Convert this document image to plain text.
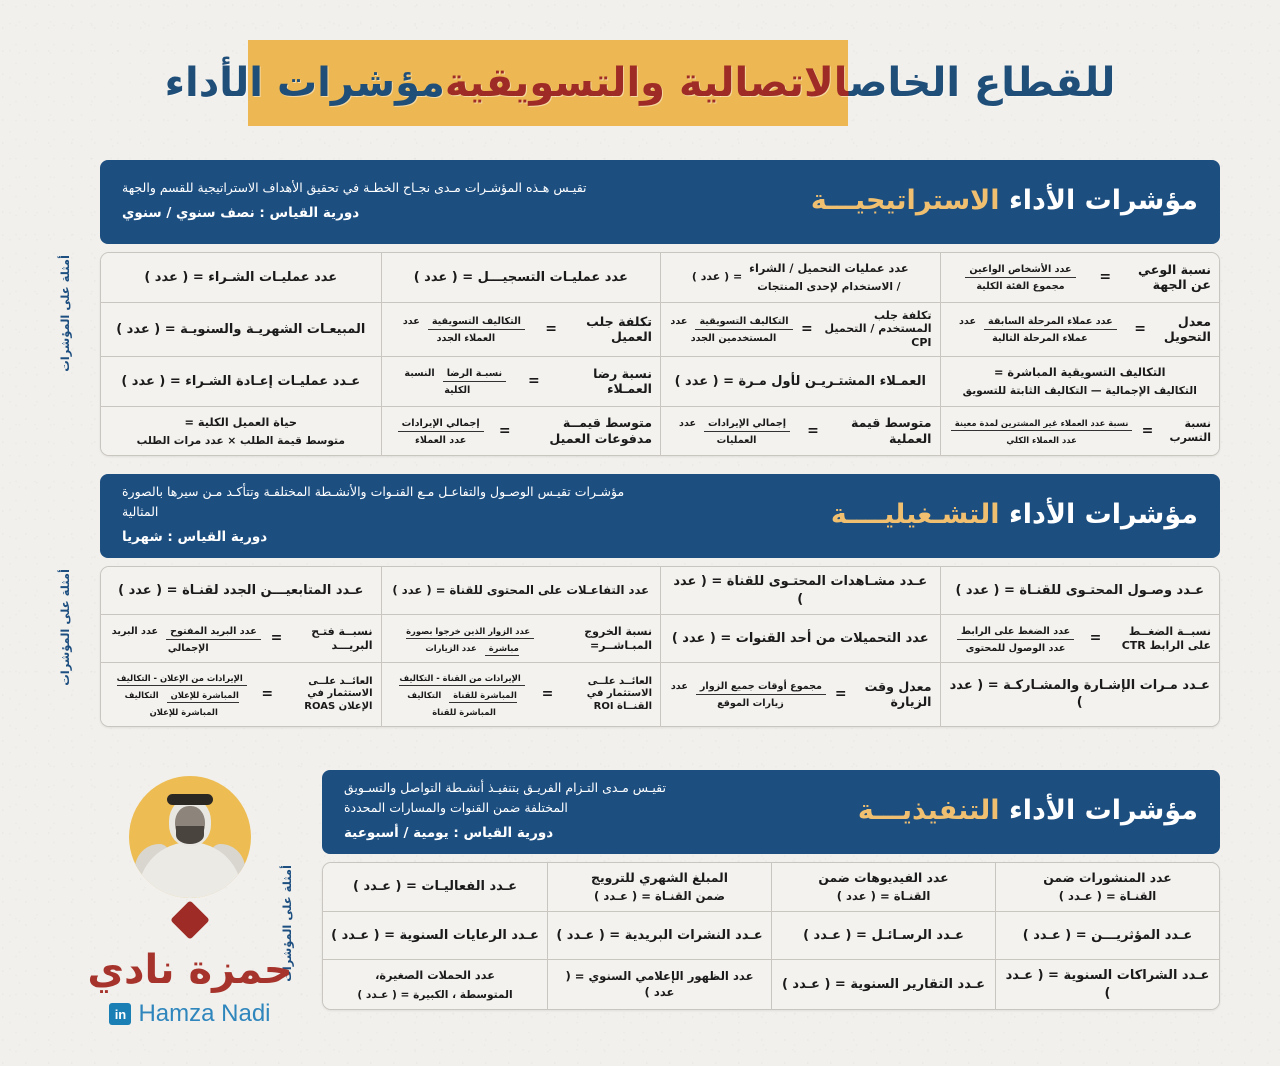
للقطاع الخاصالاتصالية والتسويقيةمؤشرات الأداء
مؤشرات الأداء الاستراتيجيـــة
تقيـس هـذه المؤشـرات مـدى نجـاح الخطـة في تحقيق الأهداف الاستراتيجية للقسم والجهة
دورية القياس : نصف سنوي / سنوي
نسبة الوعي عن الجهة
=
$\frac{\text{عدد الأشخاص الواعين}}{\text{مجموع الفئة الكلية}}$
عدد عمليات التحميل / الشراء
/ الاستخدام لإحدى المنتجات
= ( عدد )
عدد عمليـات التسجيـــل = ( عدد )
عدد عمليـات الشـراء = ( عدد )
معدل التحويل
=
عدد عملاء المرحلة السابقة عدد عملاء المرحلة التالية
تكلفة جلب المستخدم / التحميل CPI
=
التكاليف التسويقية عدد المستخدمين الجدد
تكلفة جلب العميل
=
التكاليف التسويقية عدد العملاء الجدد
المبيعـات الشهريـة والسنويـة = ( عدد )
التكاليف التسويقية المباشرة =
التكاليف الإجمالية — التكاليف الثابتة للتسويق
العمـلاء المشتـريـن لأول مـرة = ( عدد )
نسبة رضا العمـلاء
=
نسبـة الرضا النسبة الكلية
عـدد عمليـات إعـادة الشـراء = ( عدد )
نسبة التسرب
=
$\frac{\text{نسبة عدد العملاء غير المشترين لمدة معينة}}{\text{عدد العملاء الكلي}}$
متوسط قيمة العملية
=
إجمالي الإيرادات عدد العمليات
متوسط قيمــة مدفوعات العميل
=
$\frac{\text{إجمالي الإيرادات}}{\text{عدد العملاء}}$
حياة العميل الكلية =
متوسط قيمة الطلب × عدد مرات الطلب
أمثلة على المؤشرات
مؤشرات الأداء التشـغيليــــة
مؤشـرات تقيـس الوصـول والتفاعـل مـع القنـوات والأنشـطة المختلفـة وتتأكـد مـن سيرها بالصورة المثالية
دورية القياس : شهريا
عـدد وصـول المحتـوى للقنـاة = ( عدد )
عـدد مشـاهدات المحتـوى للقناة = ( عدد )
عدد التفاعـلات على المحتوى للقناة = ( عدد )
عـدد المتابعيـــن الجدد لقنـاة = ( عدد )
نسبــة الضغــط على الرابط CTR
=
$\frac{\text{عدد الضغط على الرابط}}{\text{عدد الوصول للمحتوى}}$
عدد التحميلات من أحد القنوات = ( عدد )
نسبة الخروج المبـاشــر=
عدد الزوار الذين خرجوا بصورة مباشرة عدد الزيارات
نسبــة فتـح البريـــد
=
عدد البريد المفتوح عدد البريد الإجمالي
عـدد مـرات الإشـارة والمشـاركـة = ( عدد )
معدل وقت الزيارة
=
مجموع أوقات جميع الزوار عدد زيارات الموقع
العائــد علــى الاستثمار في القنــاة ROI
=
الإيرادات من القناة - التكاليف المباشرة للقناة التكاليف المباشرة للقناة
العائــد علــى الاستثمار في الإعلان ROAS
=
الإيرادات من الإعلان - التكاليف المباشرة للإعلان التكاليف المباشرة للإعلان
أمثلة على المؤشرات
مؤشرات الأداء التنفيذيـــة
تقيـس مـدى التـزام الفريـق بتنفيـذ أنشـطة التواصل والتسـويق المختلفة ضمن القنوات والمسارات المحددة
دورية القياس : يومية / أسبوعية
عدد المنشورات ضمن
القنـاة = ( عـدد )
عدد الفيديوهات ضمن
القنـاة = ( عدد )
المبلغ الشهري للترويج
ضمن القنـاة = ( عـدد )
عـدد الفعاليـات = ( عـدد )
عـدد المؤثريـــن = ( عـدد )
عـدد الرسـائـل = ( عـدد )
عـدد النشرات البريدية = ( عـدد )
عـدد الرعايات السنوية = ( عـدد )
عـدد الشراكات السنوية = ( عـدد )
عـدد التقارير السنوية = ( عـدد )
عدد الظهور الإعلامي السنوي = ( عدد )
عدد الحملات الصغيرة،
المتوسطة ، الكبيرة = ( عـدد )
أمثلة على المؤشرات
حمزة نادي
in Hamza Nadi
